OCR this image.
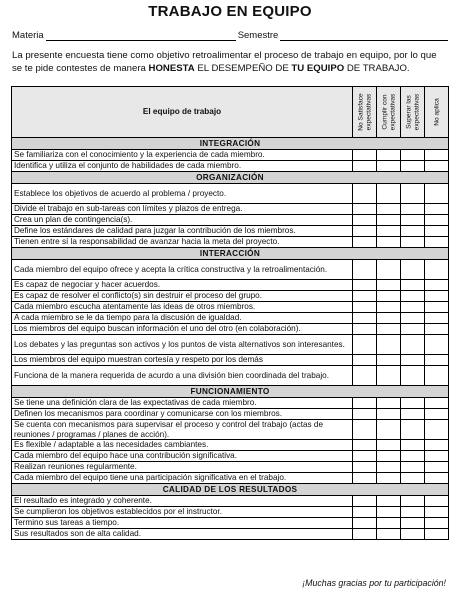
TRABAJO EN EQUIPO
Materia	Semestre
La presente encuesta tiene como objetivo retroalimentar el proceso de trabajo en equipo, por lo que se te pide contestes de manera HONESTA EL DESEMPEÑO DE TU EQUIPO DE TRABAJO.
El equipo de trabajo	No Satisface expectativas	Cumplir con expectativas	Superar las expectativas	No aplica

INTEGRACIÓN				
Se familiariza con el conocimiento y la experiencia de cada miembro.				
Identifica y utiliza el conjunto de habilidades de cada miembro.				
ORGANIZACIÓN				
Establece los objetivos de acuerdo al problema / proyecto.				
Divide el trabajo en sub-tareas con límites y plazos de entrega.				
Crea un plan de contingencia(s).				
Define los estándares de calidad para juzgar la contribución de los miembros.				
Tienen entre sí la responsabilidad de avanzar hacia la meta del proyecto.				
INTERACCIÓN				
Cada miembro del equipo ofrece y acepta la crítica constructiva y la retroalimentación.				
Es capaz de negociar y hacer acuerdos.				
Es capaz de resolver el conflicto(s) sin destruir el proceso del grupo.				
Cada miembro escucha atentamente las ideas de otros miembros.				
A cada miembro se le da tiempo para la discusión de igualdad.				
Los miembros del equipo buscan información el uno del otro (en colaboración).				
Los debates y las preguntas son activos y los puntos de vista alternativos son interesantes.				
Los miembros del equipo muestran cortesía y respeto por los demás				
Funciona de la manera requerida de acurdo a una división bien coordinada del trabajo.				
FUNCIONAMIENTO				
Se tiene una definición clara de las expectativas de cada miembro.				
Definen los mecanismos para coordinar y comunicarse con los miembros.				
Se cuenta con mecanismos para supervisar el proceso y control del trabajo (actas de reuniones / programas / planes de acción).				
Es flexible / adaptable a las necesidades cambiantes.				
Cada miembro del equipo hace una contribución significativa.				
Realizan reuniones regularmente.				
Cada miembro del equipo tiene una participación significativa en el trabajo.				
CALIDAD DE LOS RESULTADOS				
El resultado es integrado y coherente.				
Se cumplieron los objetivos establecidos por el instructor.				
Termino sus tareas a tiempo.				
Sus resultados son de alta calidad.				
¡Muchas gracias por tu participación!
